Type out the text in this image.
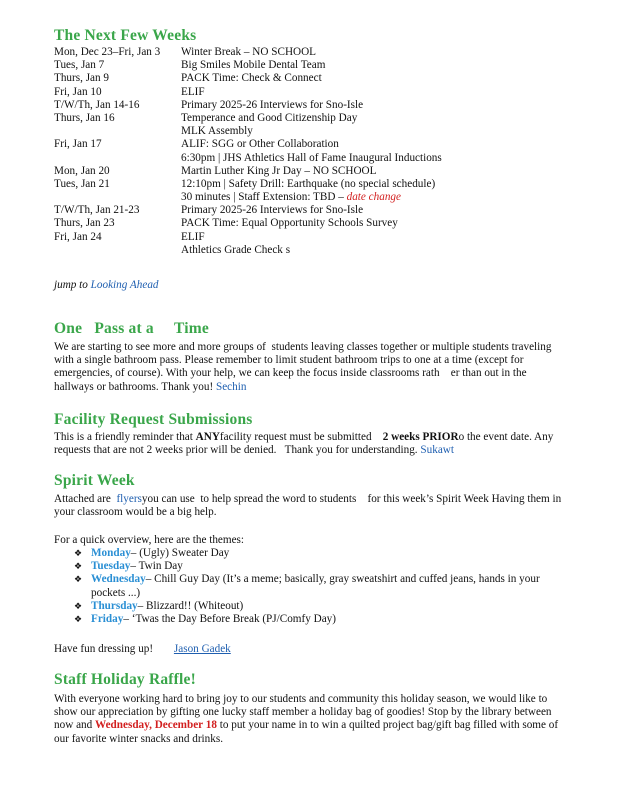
The Next Few Weeks
Mon, Dec 23–Fri, Jan 3	Winter Break – NO SCHOOL
Tues, Jan 7	Big Smiles Mobile Dental Team
Thurs, Jan 9	PACK Time: Check & Connect
Fri, Jan 10	ELIF
T/W/Th, Jan 14-16	Primary 2025-26 Interviews for Sno-Isle
Thurs, Jan 16	Temperance and Good Citizenship Day
MLK Assembly
Fri, Jan 17	ALIF: SGG or Other Collaboration
6:30pm | JHS Athletics Hall of Fame Inaugural Inductions
Mon, Jan 20	Martin Luther King Jr Day – NO SCHOOL
Tues, Jan 21	12:10pm | Safety Drill: Earthquake (no special schedule)
30 minutes | Staff Extension: TBD – date change
T/W/Th, Jan 21-23	Primary 2025-26 Interviews for Sno-Isle
Thurs, Jan 23	PACK Time: Equal Opportunity Schools Survey
Fri, Jan 24	ELIF
Athletics Grade Check s
jump to Looking Ahead
One   Pass at a     Time

We are starting to see more and more groups of  students leaving classes together or multiple students traveling with a single bathroom pass. Please remember to limit student bathroom trips to one at a time (except for emergencies, of course). With your help, we can keep the focus inside classrooms rath    er than out in the hallways or bathrooms. Thank you! Sechin

Facility Request Submissions

This is a friendly reminder that ANYfacility request must be submitted    2 weeks PRIORo the event date. Any requests that are not 2 weeks prior will be denied.   Thank you for understanding. Sukawt

Spirit Week

Attached are  flyersyou can use  to help spread the word to students    for this week’s Spirit Week Having them in your classroom would be a big help.

For a quick overview, here are the themes:
❖ Monday– (Ugly) Sweater Day
❖ Tuesday– Twin Day
❖ Wednesday– Chill Guy Day (It’s a meme; basically, gray sweatshirt and cuffed jeans, hands in your pockets ...)
❖ Thursday– Blizzard!! (Whiteout)
❖ Friday– ‘Twas the Day Before Break (PJ/Comfy Day)
Have fun dressing up! Jason Gadek
Staff Holiday Raffle!

With everyone working hard to bring joy to our students and community this holiday season, we would like to show our appreciation by gifting one lucky staff member a holiday bag of goodies! Stop by the library between  now and Wednesday, December 18 to put your name in to win a quilted project bag/gift bag filled with some of our favorite winter snacks and drinks.
